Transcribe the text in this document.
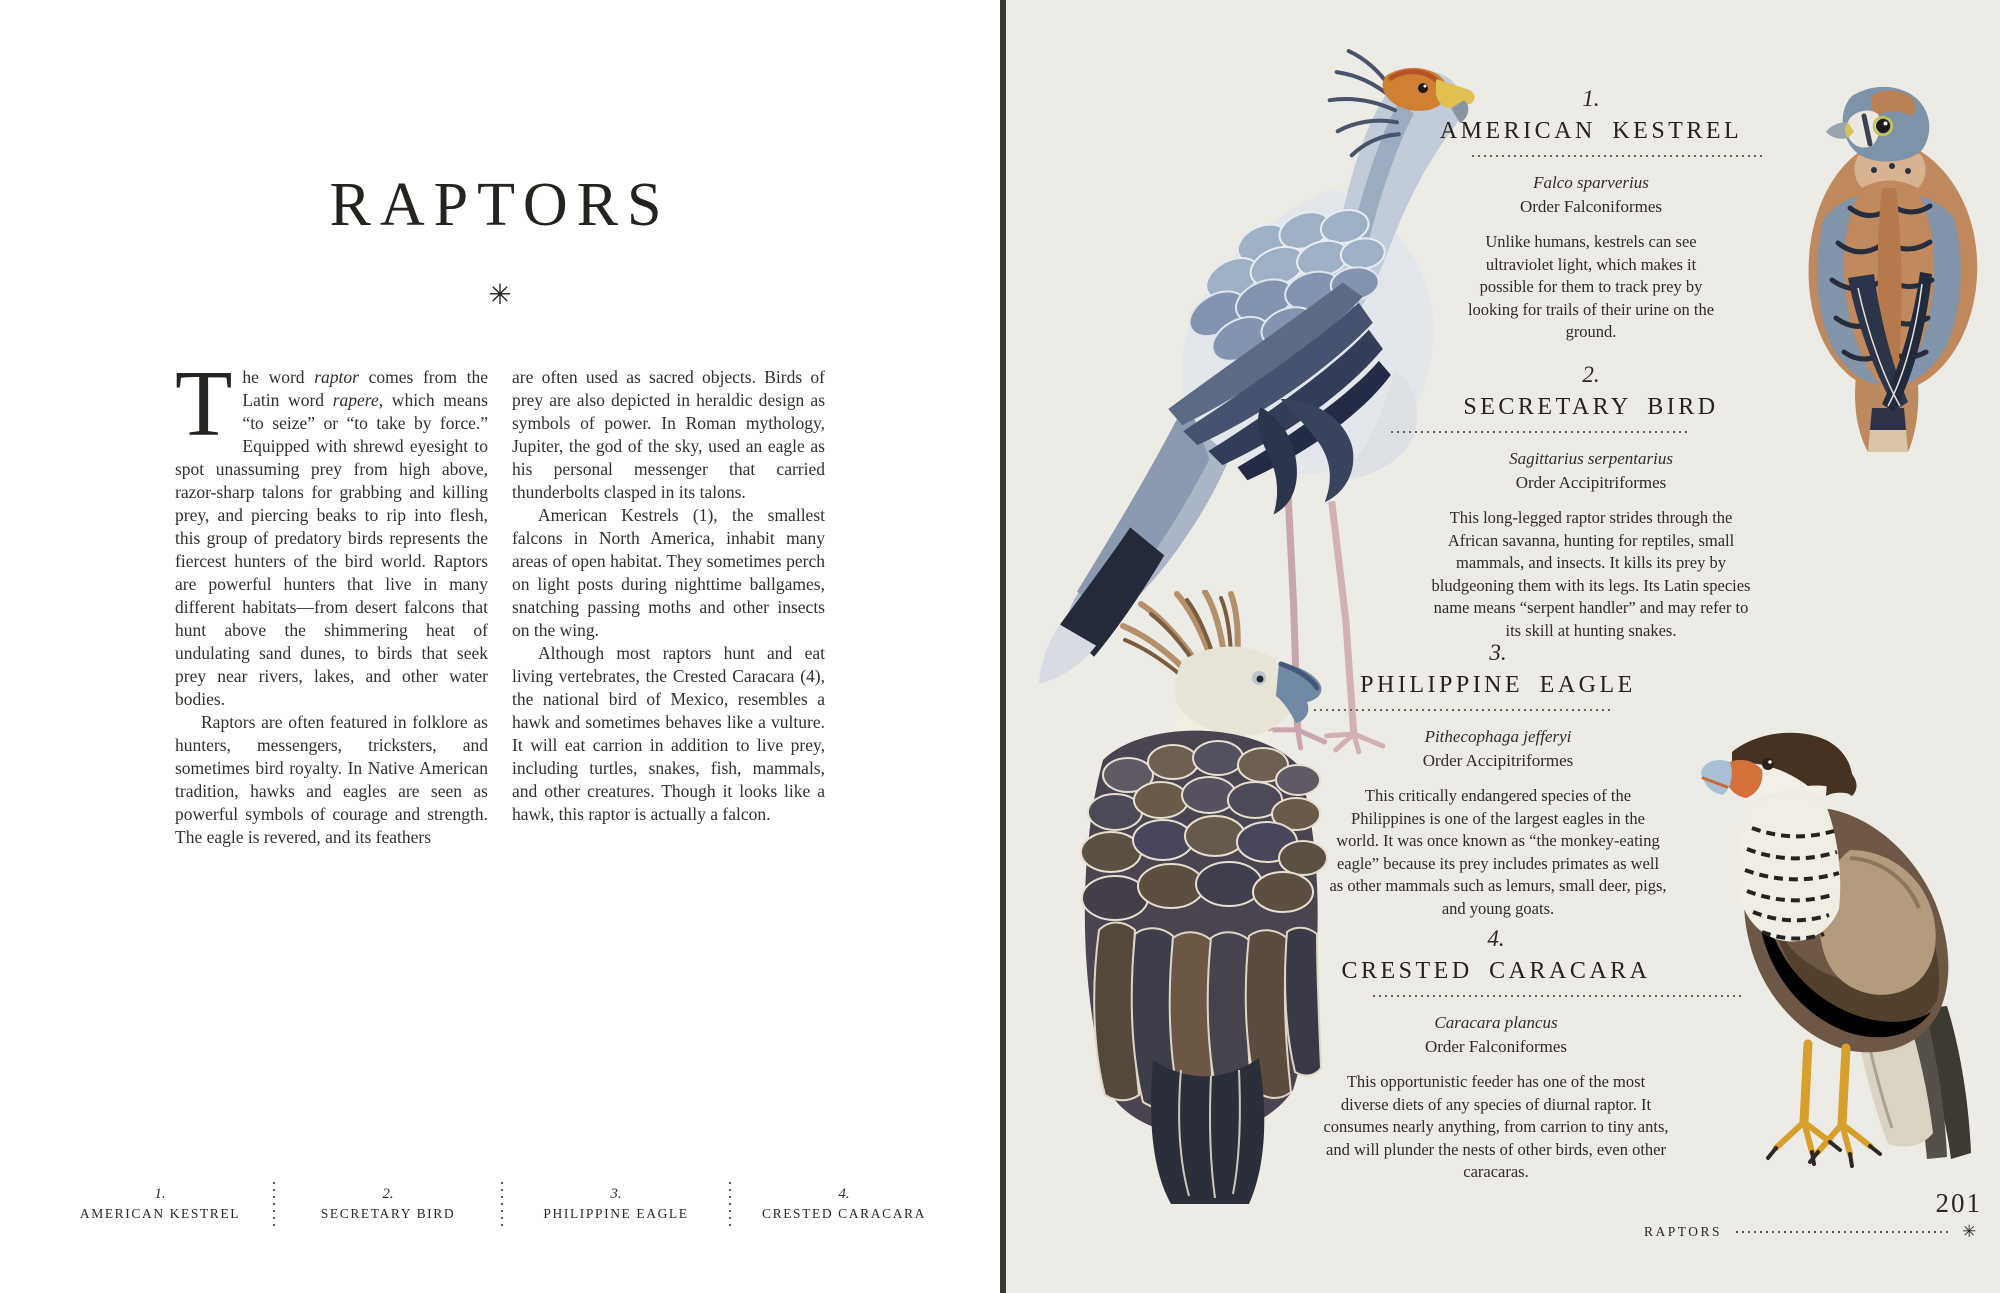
RAPTORS
✳

The word raptor comes from the Latin word rapere, which means “to seize” or “to take by force.” Equipped with shrewd eyesight to spot unassuming prey from high above, razor-sharp talons for grabbing and killing prey, and piercing beaks to rip into flesh, this group of predatory birds represents the fiercest hunters of the bird world. Raptors are powerful hunters that live in many different habitats—from desert falcons that hunt above the shimmering heat of undulating sand dunes, to birds that seek prey near rivers, lakes, and other water bodies.

Raptors are often featured in folklore as hunters, messengers, tricksters, and sometimes bird royalty. In Native American tradition, hawks and eagles are seen as powerful symbols of courage and strength. The eagle is revered, and its feathers

are often used as sacred objects. Birds of prey are also depicted in heraldic design as symbols of power. In Roman mythology, Jupiter, the god of the sky, used an eagle as his personal messenger that carried thunderbolts clasped in its talons.

American Kestrels (1), the smallest falcons in North America, inhabit many areas of open habitat. They sometimes perch on light posts during nighttime ballgames, snatching passing moths and other insects on the wing.

Although most raptors hunt and eat living vertebrates, the Crested Caracara (4), the national bird of Mexico, resembles a hawk and sometimes behaves like a vulture. It will eat carrion in addition to live prey, including turtles, snakes, fish, mammals, and other creatures. Though it looks like a hawk, this raptor is actually a falcon.

1.
AMERICAN KESTREL
2.
SECRETARY BIRD
3.
PHILIPPINE EAGLE
4.
CRESTED CARACARA
1.
AMERICAN KESTREL
Falco sparverius
Order Falconiformes

Unlike humans, kestrels can see ultraviolet light, which makes it possible for them to track prey by looking for trails of their urine on the ground.

2.
SECRETARY BIRD
Sagittarius serpentarius
Order Accipitriformes

This long-legged raptor strides through the African savanna, hunting for reptiles, small mammals, and insects. It kills its prey by bludgeoning them with its legs. Its Latin species name means “serpent handler” and may refer to its skill at hunting snakes.

3.
PHILIPPINE EAGLE
Pithecophaga jefferyi
Order Accipitriformes

This critically endangered species of the Philippines is one of the largest eagles in the world. It was once known as “the monkey-eating eagle” because its prey includes primates as well as other mammals such as lemurs, small deer, pigs, and young goats.

4.
CRESTED CARACARA
Caracara plancus
Order Falconiformes

This opportunistic feeder has one of the most diverse diets of any species of diurnal raptor. It consumes nearly anything, from carrion to tiny ants, and will plunder the nests of other birds, even other caracaras.

201
RAPTORS	✳
